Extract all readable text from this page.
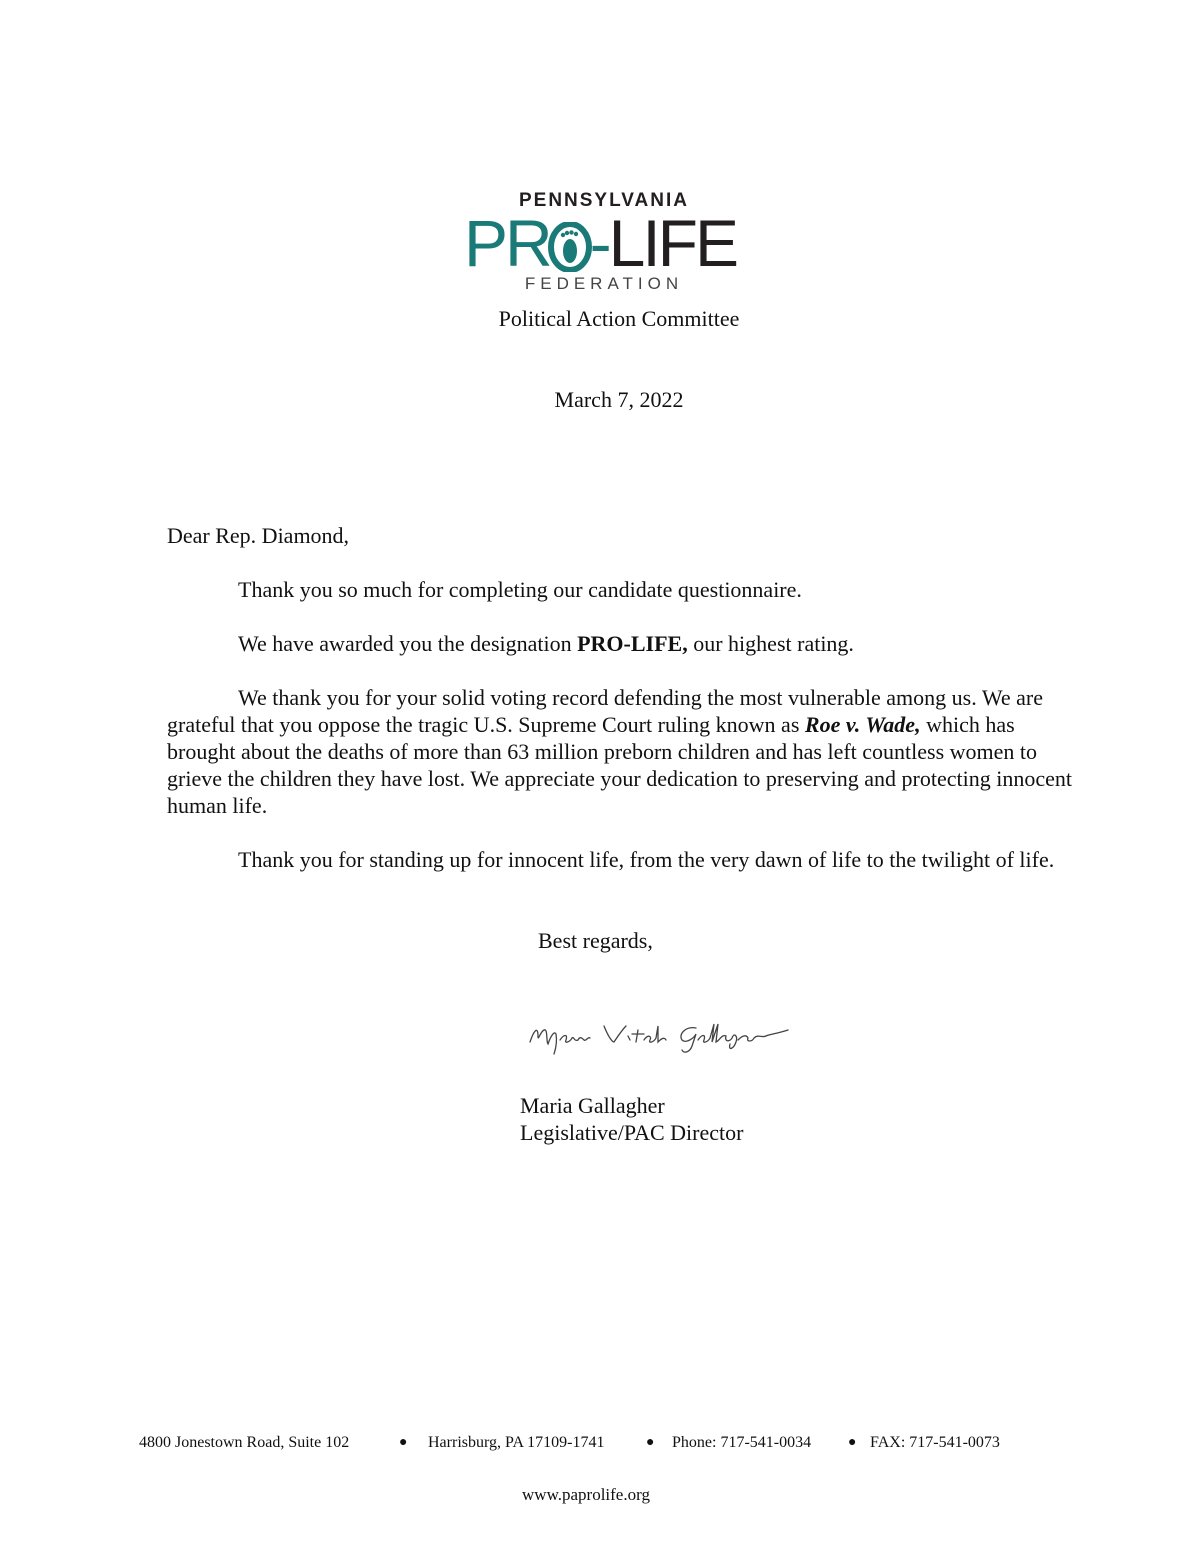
PENNSYLVANIA
PR -LIFE
FEDERATION
Political Action Committee
March 7, 2022
Dear Rep. Diamond,
Thank you so much for completing our candidate questionnaire.
We have awarded you the designation PRO-LIFE, our highest rating.
We thank you for your solid voting record defending the most vulnerable among us. We are grateful that you oppose the tragic U.S. Supreme Court ruling known as Roe v. Wade, which has brought about the deaths of more than 63 million preborn children and has left countless women to grieve the children they have lost. We appreciate your dedication to preserving and protecting innocent human life.
Thank you for standing up for innocent life, from the very dawn of life to the twilight of life.
Best regards,
Maria Gallagher
Legislative/PAC Director
4800 Jonestown Road, Suite 102	● Harrisburg, PA 17109-1741	● Phone: 717-541-0034	● FAX: 717-541-0073
www.paprolife.org
